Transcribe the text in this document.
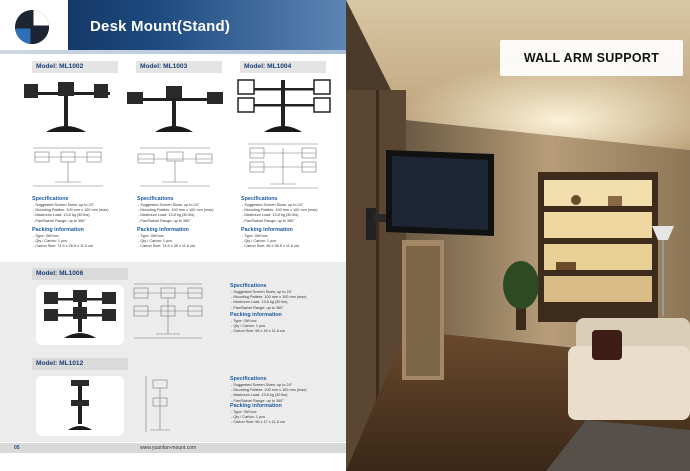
Desk Mount(Stand)
Model: ML1002
Specifications
- Suggested Screen Sizes: up to 24"
- Mounting Pattern: 100 mm x 100 mm (max)
- Maximum Load: 13.8 kg (30 lbs)
- Pan/Swivel Range: up to 360°
Packing information
- Type: Gift box
- Qty / Carton: 1 pcs
- Carton Size: 74.5 x 26.5 x 11.0 cm
Model: ML1003
Specifications
- Suggested Screen Sizes: up to 24"
- Mounting Pattern: 100 mm x 100 mm (max)
- Maximum Load: 13.8 kg (30 lbs)
- Pan/Swivel Range: up to 360°
Packing information
- Type: Gift box
- Qty / Carton: 1 pcs
- Carton Size: 74.5 x 35 x 11.8 cm
Model: ML1004
Specifications
- Suggested Screen Sizes: up to 24"
- Mounting Pattern: 100 mm x 100 mm (max)
- Maximum Load: 13.8 kg (30 lbs)
- Pan/Swivel Range: up to 360°
Packing information
- Type: Gift box
- Qty / Carton: 1 pcs
- Carton Size: 96 x 36.5 x 11.8 cm
Model: ML1006
Specifications
- Suggested Screen Sizes: up to 24"
- Mounting Pattern: 100 mm x 100 mm (max)
- Maximum Load: 13.8 kg (30 lbs)
- Pan/Swivel Range: up to 360°
Packing information
- Type: Gift box
- Qty / Carton: 1 pcs
- Carton Size: 96 x 49 x 11.8 cm
Model: ML1012
Specifications
- Suggested Screen Sizes: up to 24"
- Mounting Pattern: 100 mm x 100 mm (max)
- Maximum Load: 13.8 kg (30 lbs)
- Pan/Swivel Range: up to 360°
Packing information
- Type: Gift box
- Qty / Carton: 1 pcs
- Carton Size: 96 x 17 x 11.8 cm
05	www.yuanfan-mount.com
WALL ARM SUPPORT
